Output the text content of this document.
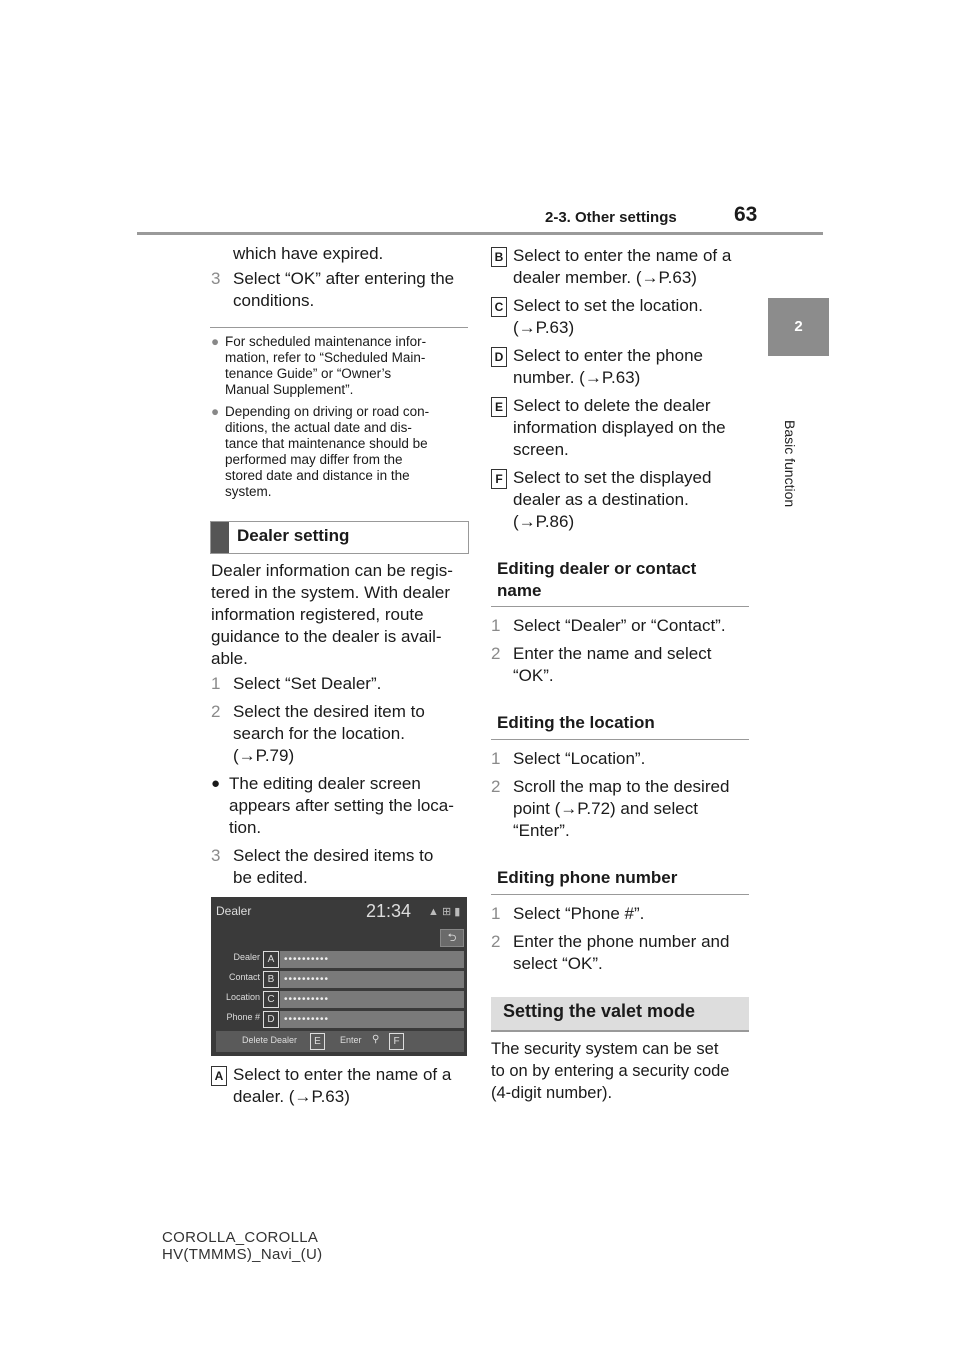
2-3. Other settings	63
2
Basic function
which have expired.
3 Select “OK” after entering the
conditions.
● For scheduled maintenance infor-
mation, refer to “Scheduled Main-
tenance Guide” or “Owner’s
Manual Supplement”.
● Depending on driving or road con-
ditions, the actual date and dis-
tance that maintenance should be
performed may differ from the
stored date and distance in the
system.
Dealer setting
Dealer information can be regis-
tered in the system. With dealer
information registered, route
guidance to the dealer is avail-
able.
1 Select “Set Dealer”.
2 Select the desired item to
search for the location.
(→P.79)
● The editing dealer screen
appears after setting the loca-
tion.
3 Select the desired items to
be edited.
Dealer	21:34 ▲ ⊞ ▮
⮌
Dealer A ••••••••••
Contact B ••••••••••
Location C ••••••••••
Phone # D ••••••••••
Delete Dealer	E	Enter ⚲	F
A Select to enter the name of a
dealer. (→P.63)
B Select to enter the name of a
dealer member. (→P.63)
C Select to set the location.
(→P.63)
D Select to enter the phone
number. (→P.63)
E Select to delete the dealer
information displayed on the
screen.
F Select to set the displayed
dealer as a destination.
(→P.86)
Editing dealer or contact
name
1 Select “Dealer” or “Contact”.
2 Enter the name and select
“OK”.
Editing the location
1 Select “Location”.
2 Scroll the map to the desired
point (→P.72) and select
“Enter”.
Editing phone number
1 Select “Phone #”.
2 Enter the phone number and
select “OK”.
Setting the valet mode
The security system can be set
to on by entering a security code
(4-digit number).
COROLLA_COROLLA
HV(TMMMS)_Navi_(U)
